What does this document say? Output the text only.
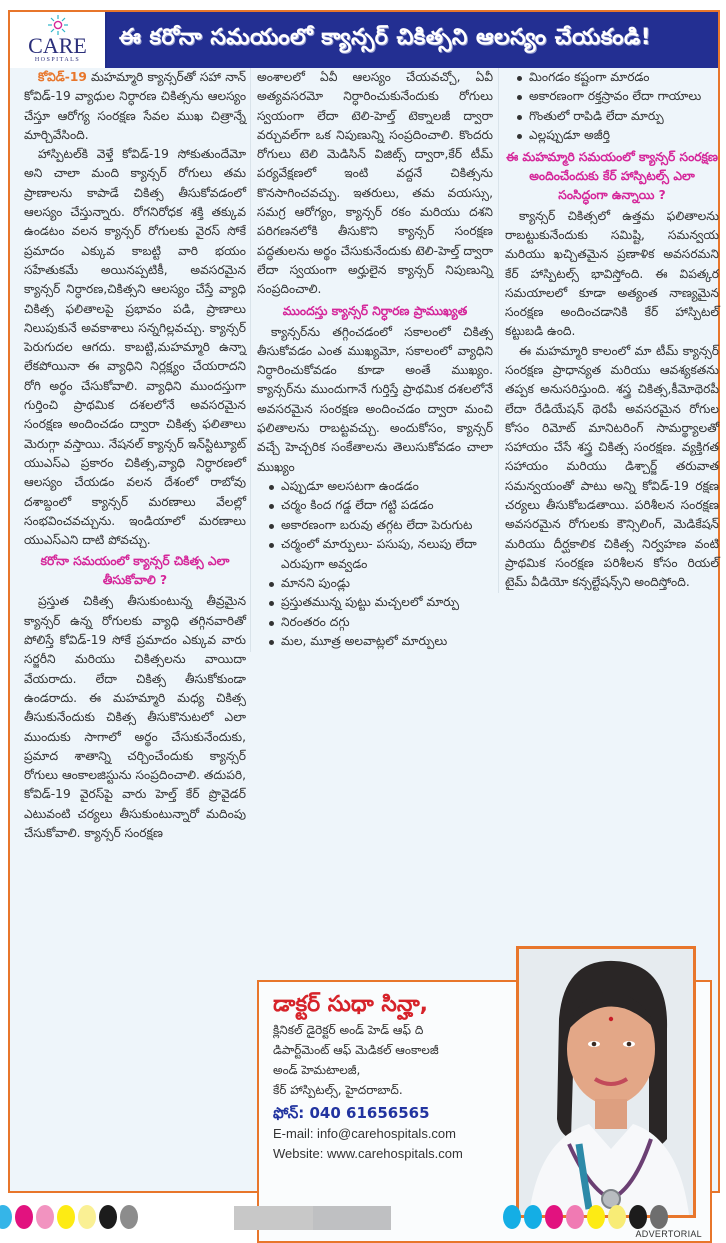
CARE
HOSPITALS
ఈ కరోనా సమయంలో క్యాన్సర్ చికిత్సని ఆలస్యం చేయకండి!

కోవిడ్-19 మహమ్మారి క్యాన్సర్‌తో సహా నాన్ కోవిడ్-19 వ్యాధుల నిర్ధారణ చికిత్సను ఆలస్యం చేస్తూ ఆరోగ్య సంరక్షణ సేవల ముఖ చిత్రాన్నే మార్చివేసింది.

హాస్పిటల్‌కి వెళ్తే కోవిడ్-19 సోకుతుందేమో అని చాలా మంది క్యాన్సర్ రోగులు తమ ప్రాణాలను కాపాడే చికిత్స తీసుకోవడంలో ఆలస్యం చేస్తున్నారు. రోగనిరోధక శక్తి తక్కువ ఉండటం వలన క్యాన్సర్ రోగులకు వైరస్ సోకే ప్రమాదం ఎక్కువ కాబట్టి వారి భయం సహేతుకమే అయినప్పటికీ, అవసరమైన క్యాన్సర్ నిర్ధారణ,చికిత్సని ఆలస్యం చేస్తే వ్యాధి చికిత్స ఫలితాలపై ప్రభావం పడి, ప్రాణాలు నిలుపుకునే అవకాశాలు సన్నగిల్లవచ్చు. క్యాన్సర్ పెరుగుదల ఆగదు. కాబట్టి,మహమ్మారి ఉన్నా లేకపోయినా ఈ వ్యాధిని నిర్లక్ష్యం చేయరాదని రోగి అర్థం చేసుకోవాలి. వ్యాధిని ముందస్తుగా గుర్తించి ప్రాథమిక దశలలోనే అవసరమైన సంరక్షణ అందించడం ద్వారా చికిత్స ఫలితాలు మెరుగ్గా వస్తాయి. నేషనల్ క్యాన్సర్ ఇన్‌స్టిట్యూట్ యుఎస్ఎ ప్రకారం చికిత్స,వ్యాధి నిర్ధారణలో ఆలస్యం చేయడం వలన దేశంలో రాబోవు దశాబ్దంలో క్యాన్సర్ మరణాలు వేలల్లో సంభవించవచ్చును. ఇండియాలో మరణాలు యుఎస్ఎని దాటి పోవచ్చు.

కరోనా సమయంలో క్యాన్సర్ చికిత్స ఎలా తీసుకోవాలి ?

ప్రస్తుత చికిత్స తీసుకుంటున్న తీవ్రమైన క్యాన్సర్ ఉన్న రోగులకు వ్యాధి తగ్గినవారితో పోలిస్తే కోవిడ్-19 సోకే ప్రమాదం ఎక్కువ వారు సర్జరీని మరియు చికిత్సలను వాయిదా వేయరాదు. లేదా చికిత్స తీసుకోకుండా ఉండరాదు. ఈ మహమ్మారి మధ్య చికిత్స తీసుకునేందుకు చికిత్స తీసుకొనుటలో ఎలా ముందుకు సాగాలో అర్థం చేసుకునేందుకు, ప్రమాద శాతాన్ని చర్చించేందుకు క్యాన్సర్ రోగులు ఆంకాలజిస్టును సంప్రదించాలి. తదుపరి, కోవిడ్-19 వైరస్‌పై వారు హెల్త్ కేర్ ప్రొవైడర్ ఎటువంటి చర్యలు తీసుకుంటున్నారో మదింపు చేసుకోవాలి. క్యాన్సర్ సంరక్షణ

అంశాలలో ఏవీ ఆలస్యం చేయవచ్చో, ఏవీ అత్యవసరమో నిర్ధారించుకునేందుకు రోగులు స్వయంగా లేదా టెలి-హెల్త్ టెక్నాలజీ ద్వారా వర్చువల్‌గా ఒక నిపుణున్ని సంప్రదించాలి. కొందరు రోగులు టెలి మెడిసిన్ విజిట్స్ ద్వారా,కేర్ టీమ్ పర్యవేక్షణలో ఇంటి వద్దనే చికిత్సను కొనసాగించవచ్చు. ఇతరులు, తమ వయస్సు, సమగ్ర ఆరోగ్యం, క్యాన్సర్ రకం మరియు దశని పరిగణనలోకి తీసుకొని క్యాన్సర్ సంరక్షణ పద్ధతులను అర్థం చేసుకునేందుకు టెలి-హెల్త్ ద్వారా లేదా స్వయంగా అర్హులైన క్యాన్సర్ నిపుణున్ని సంప్రదించాలి.

ముందస్తు క్యాన్సర్ నిర్ధారణ ప్రాముఖ్యత

క్యాన్సర్‌ను తగ్గించడంలో సకాలంలో చికిత్స తీసుకోవడం ఎంత ముఖ్యమో, సకాలంలో వ్యాధిని నిర్ధారించుకోవడం కూడా అంతే ముఖ్యం. క్యాన్సర్‌ను ముందుగానే గుర్తిస్తే ప్రాథమిక దశలలోనే అవసరమైన సంరక్షణ అందించడం ద్వారా మంచి ఫలితాలను రాబట్టవచ్చు. అందుకోసం, క్యాన్సర్ వచ్చే హెచ్చరిక సంకేతాలను తెలుసుకోవడం చాలా ముఖ్యం

ఎప్పుడూ అలసటగా ఉండడం
చర్మం కింద గడ్డ లేదా గట్టి పడడం
అకారణంగా బరువు తగ్గట లేదా పెరుగుట
చర్మంలో మార్పులు- పసుపు, నలుపు లేదా ఎరుపుగా అవ్వడం
మానని పుండ్లు
ప్రస్తుతమున్న పుట్టు మచ్చలలో మార్పు
నిరంతరం దగ్గు
మల, మూత్ర అలవాట్లలో మార్పులు
మింగడం కష్టంగా మారడం
అకారణంగా రక్తస్రావం లేదా గాయాలు
గొంతులో రాపిడి లేదా మార్పు
ఎల్లప్పుడూ అజీర్తి
ఈ మహమ్మారి సమయంలో క్యాన్సర్ సంరక్షణ అందించేందుకు కేర్ హాస్పిటల్స్ ఎలా సంసిద్ధంగా ఉన్నాయి ?

క్యాన్సర్ చికిత్సలో ఉత్తమ ఫలితాలను రాబట్టుకునేందుకు సమిష్టి, సమన్వయ మరియు ఖచ్చితమైన ప్రణాళిక అవసరమని కేర్ హాస్పిటల్స్ భావిస్తోంది. ఈ విపత్కర సమయాలలో కూడా అత్యంత నాణ్యమైన సంరక్షణ అందించడానికి కేర్ హాస్పిటల్ కట్టుబడి ఉంది.

ఈ మహమ్మారి కాలంలో మా టీమ్ క్యాన్సర్ సంరక్షణ ప్రాధాన్యత మరియు ఆవశ్యకతను తప్పక అనుసరిస్తుంది. శస్త్ర చికిత్స,కీమోథెరపీ లేదా రేడియేషన్ థెరపీ అవసరమైన రోగుల కోసం రిమోట్ మానిటరింగ్ సామర్థ్యాలతో సహాయం చేసే శస్త్ర చికిత్స సంరక్షణ. వ్యక్తిగత సహాయం మరియు డిశ్చార్జ్ తరువాత సమన్వయంతో పాటు అన్ని కోవిడ్-19 రక్షణ చర్యలు తీసుకోబడతాయి. పరిశీలన సంరక్షణ అవసరమైన రోగులకు కౌన్సిలింగ్, మెడికేషన్ మరియు దీర్ఘకాలిక చికిత్స నిర్వహణ వంటి ప్రాథమిక సంరక్షణ పరిశీలన కోసం రియల్ టైమ్ వీడియో కన్సల్టేషన్స్‌ని అందిస్తోంది.

డాక్టర్ సుధా సిన్హా,
క్లినికల్ డైరెక్టర్ అండ్ హెడ్ ఆఫ్ ది
డిపార్ట్‌మెంట్ ఆఫ్ మెడికల్ ఆంకాలజీ
అండ్ హెమటాలజీ,
కేర్ హాస్పిటల్స్, హైదరాబాద్.
ఫోన్: 040 61656565
E-mail: info@carehospitals.com
Website: www.carehospitals.com
ADVERTORIAL
